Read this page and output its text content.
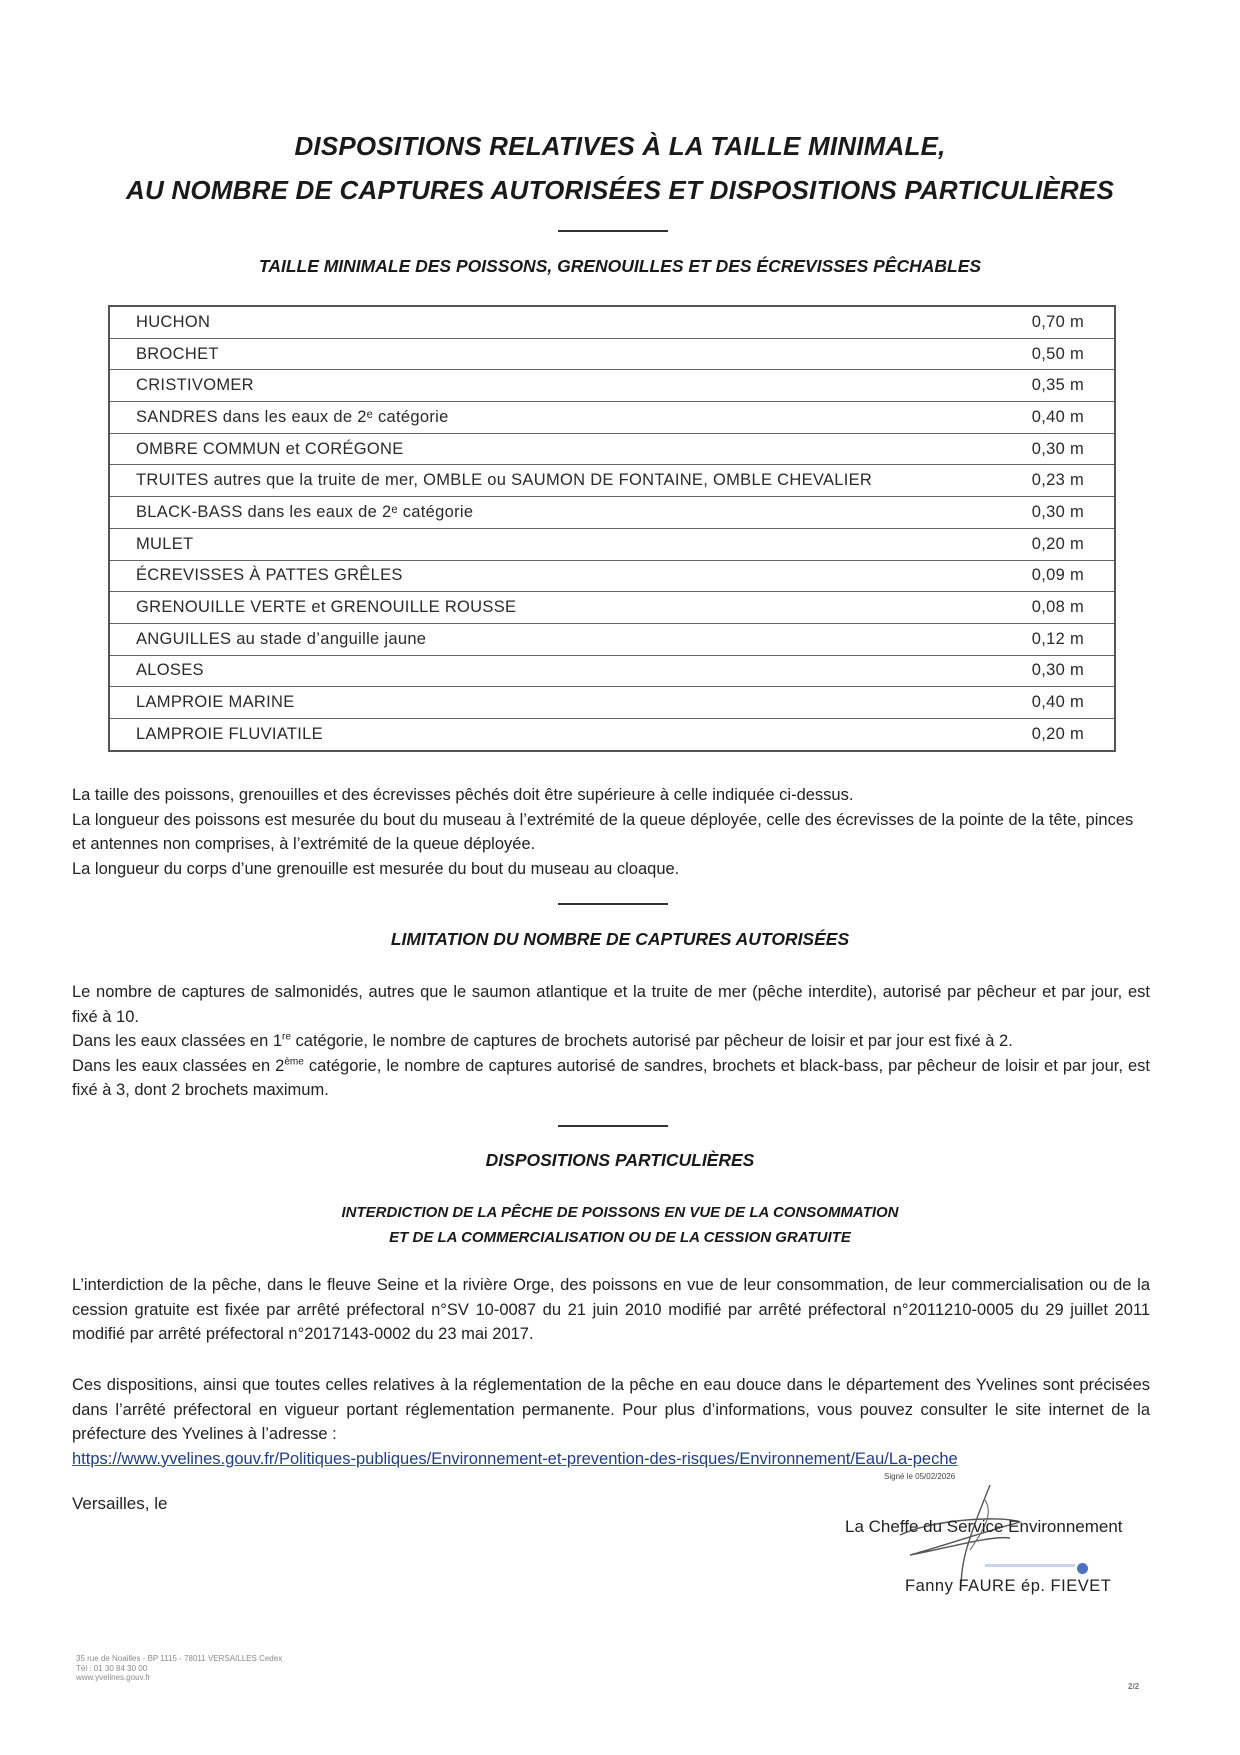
DISPOSITIONS RELATIVES À LA TAILLE MINIMALE,
AU NOMBRE DE CAPTURES AUTORISÉES ET DISPOSITIONS PARTICULIÈRES
TAILLE MINIMALE DES POISSONS, GRENOUILLES ET DES ÉCREVISSES PÊCHABLES
HUCHON	0,70 m
BROCHET	0,50 m
CRISTIVOMER	0,35 m
SANDRES dans les eaux de 2ᵉ catégorie	0,40 m
OMBRE COMMUN et CORÉGONE	0,30 m
TRUITES autres que la truite de mer, OMBLE ou SAUMON DE FONTAINE, OMBLE CHEVALIER	0,23 m
BLACK-BASS dans les eaux de 2ᵉ catégorie	0,30 m
MULET	0,20 m
ÉCREVISSES À PATTES GRÊLES	0,09 m
GRENOUILLE VERTE et GRENOUILLE ROUSSE	0,08 m
ANGUILLES au stade d’anguille jaune	0,12 m
ALOSES	0,30 m
LAMPROIE MARINE	0,40 m
LAMPROIE FLUVIATILE	0,20 m

La taille des poissons, grenouilles et des écrevisses pêchés doit être supérieure à celle indiquée ci-dessus.

La longueur des poissons est mesurée du bout du museau à l’extrémité de la queue déployée, celle des écrevisses de la pointe de la tête, pinces et antennes non comprises, à l’extrémité de la queue déployée.

La longueur du corps d’une grenouille est mesurée du bout du museau au cloaque.

LIMITATION DU NOMBRE DE CAPTURES AUTORISÉES

Le nombre de captures de salmonidés, autres que le saumon atlantique et la truite de mer (pêche interdite), autorisé par pêcheur et par jour, est fixé à 10.

Dans les eaux classées en 1re catégorie, le nombre de captures de brochets autorisé par pêcheur de loisir et par jour est fixé à 2.

Dans les eaux classées en 2ème catégorie, le nombre de captures autorisé de sandres, brochets et black-bass, par pêcheur de loisir et par jour, est fixé à 3, dont 2 brochets maximum.

DISPOSITIONS PARTICULIÈRES
INTERDICTION DE LA PÊCHE DE POISSONS EN VUE DE LA CONSOMMATION
ET DE LA COMMERCIALISATION OU DE LA CESSION GRATUITE

L’interdiction de la pêche, dans le fleuve Seine et la rivière Orge, des poissons en vue de leur consommation, de leur commercialisation ou de la cession gratuite est fixée par arrêté préfectoral n°SV 10-0087 du 21 juin 2010 modifié par arrêté préfectoral n°2011210-0005 du 29 juillet 2011 modifié par arrêté préfectoral n°2017143-0002 du 23 mai 2017.

Ces dispositions, ainsi que toutes celles relatives à la réglementation de la pêche en eau douce dans le département des Yvelines sont précisées dans l’arrêté préfectoral en vigueur portant réglementation permanente. Pour plus d’informations, vous pouvez consulter le site internet de la préfecture des Yvelines à l’adresse :

https://www.yvelines.gouv.fr/Politiques-publiques/Environnement-et-prevention-des-risques/Environnement/Eau/La-peche

Versailles, le
Signé le 05/02/2026
La Cheffe du Service Environnement
Fanny FAURE ép. FIEVET
35 rue de Noailles - BP 1115 - 78011 VERSAILLES Cedex
Tél : 01 30 84 30 00
www.yvelines.gouv.fr
2/2
